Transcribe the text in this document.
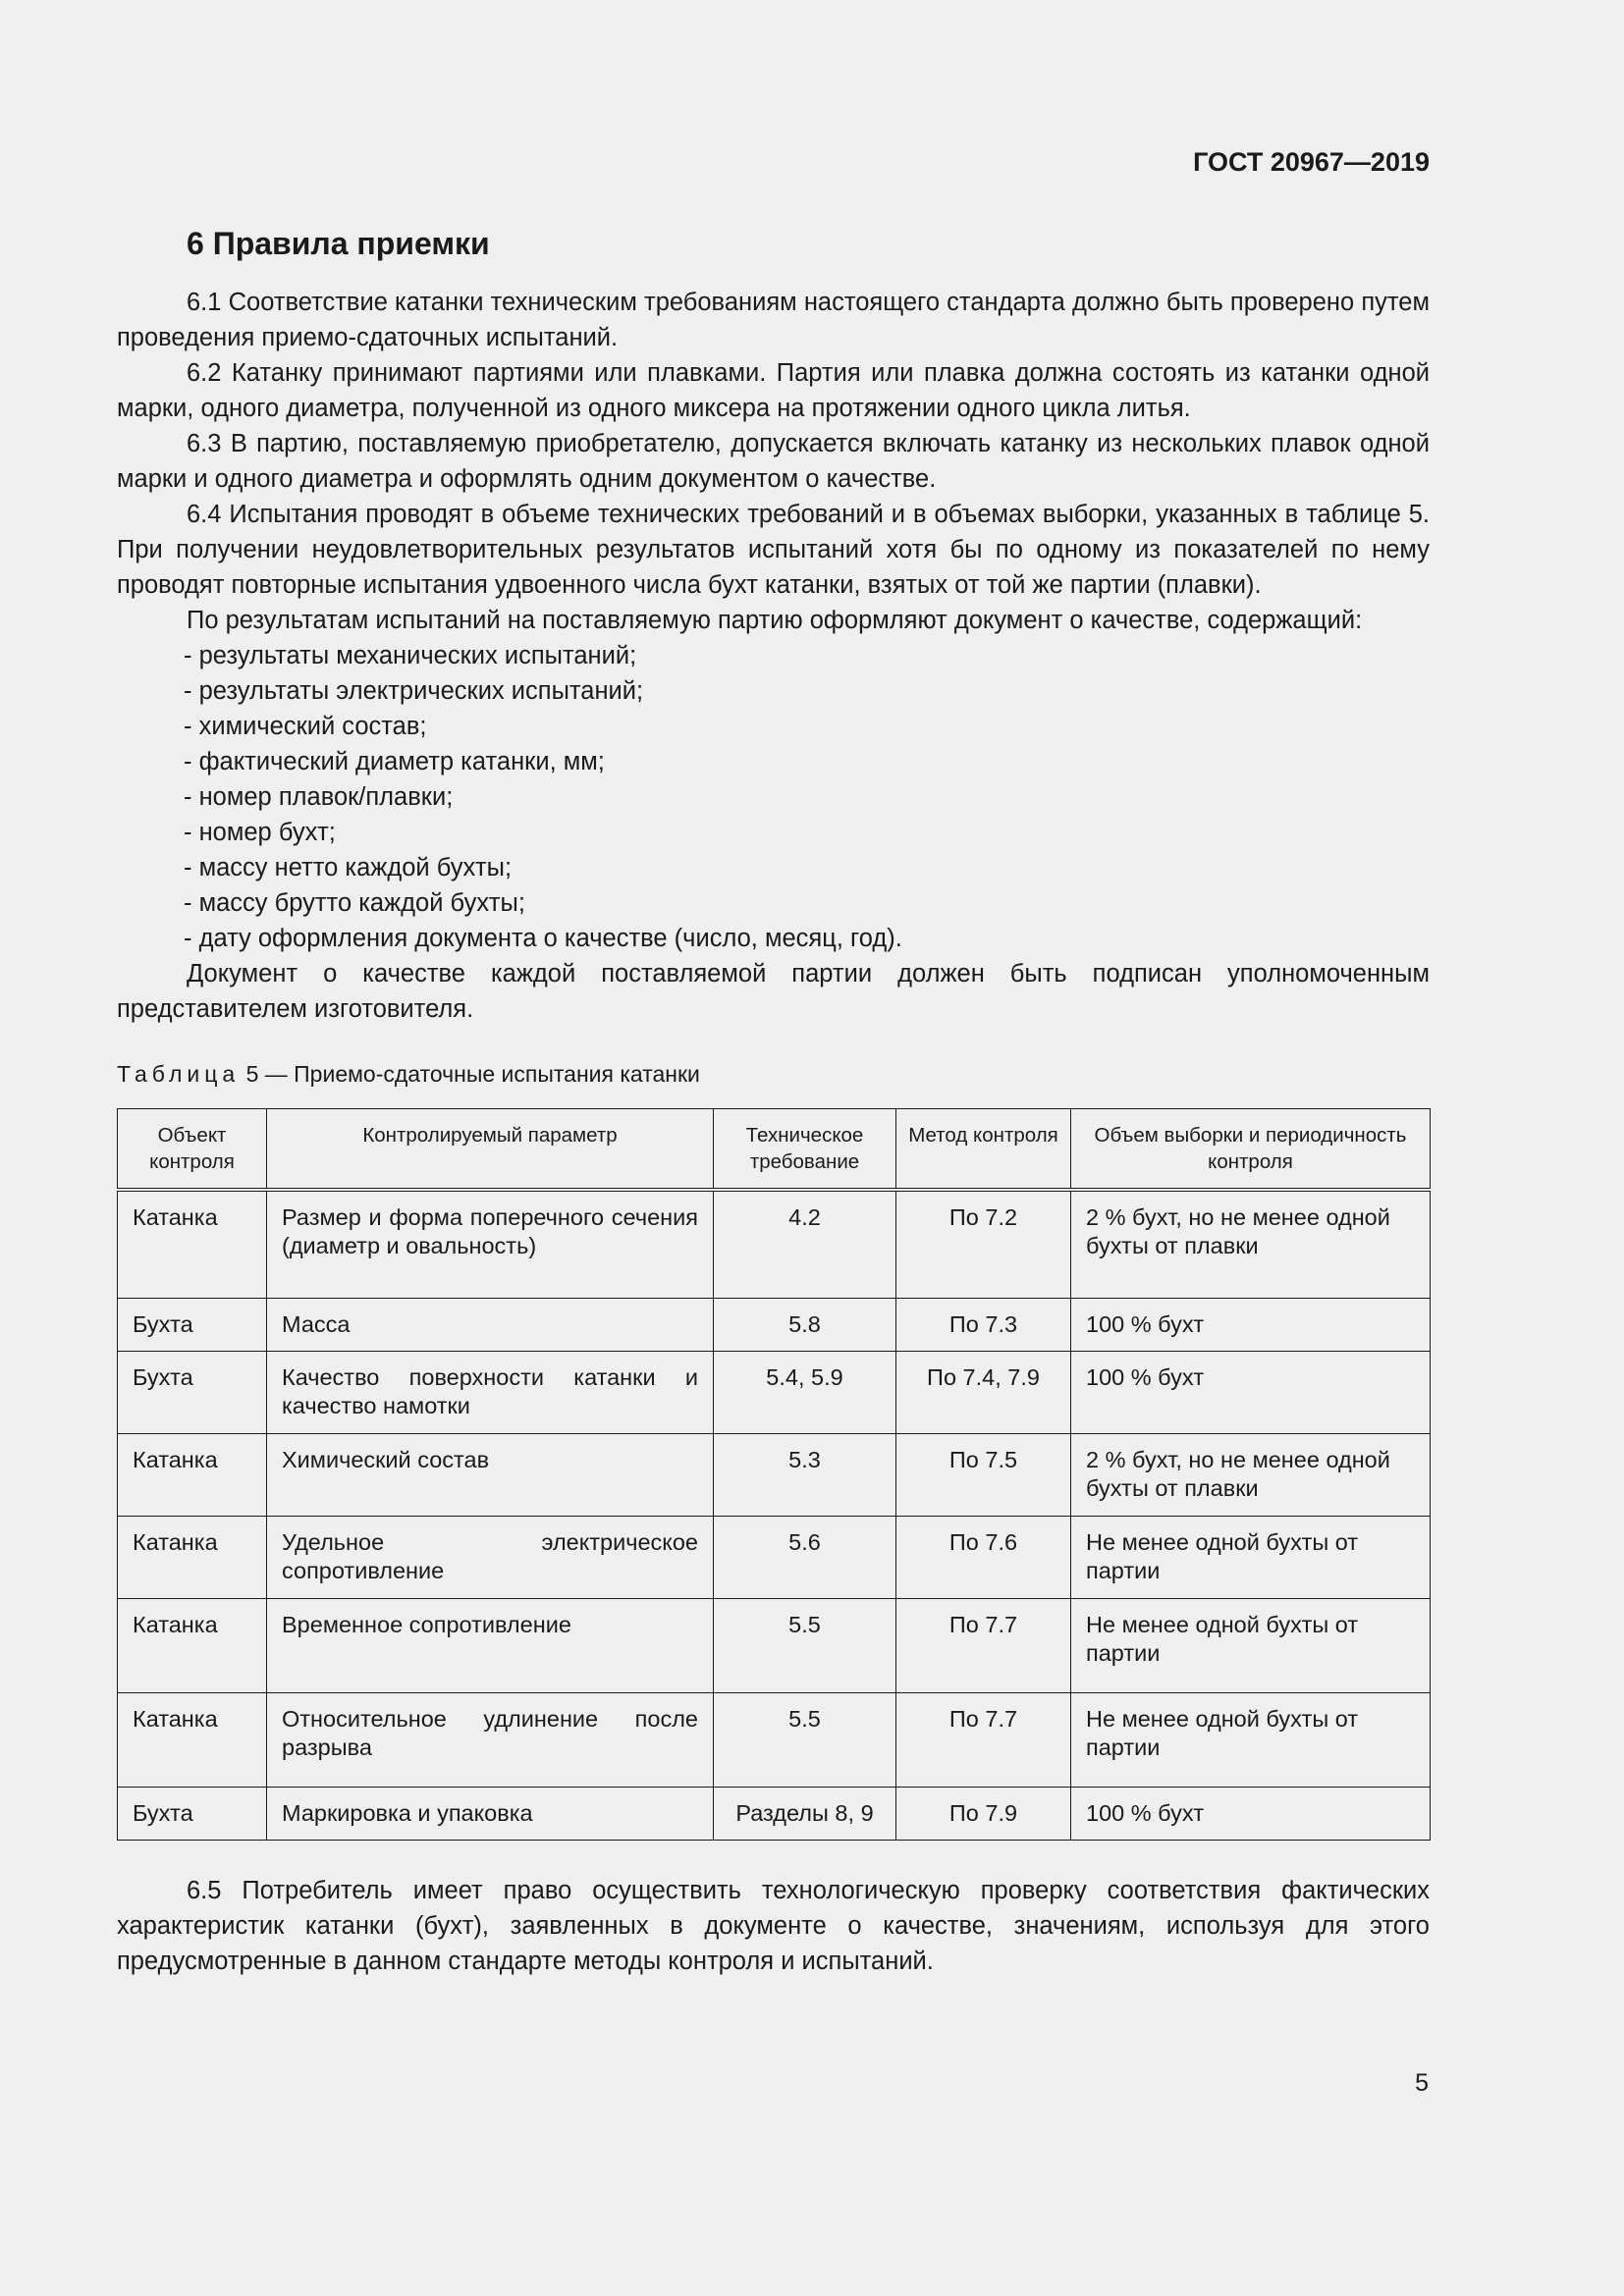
ГОСТ 20967—2019
6 Правила приемки

6.1 Соответствие катанки техническим требованиям настоящего стандарта должно быть проверено путем проведения приемо-сдаточных испытаний.

6.2 Катанку принимают партиями или плавками. Партия или плавка должна состоять из катанки одной марки, одного диаметра, полученной из одного миксера на протяжении одного цикла литья.

6.3 В партию, поставляемую приобретателю, допускается включать катанку из нескольких плавок одной марки и одного диаметра и оформлять одним документом о качестве.

6.4 Испытания проводят в объеме технических требований и в объемах выборки, указанных в таблице 5. При получении неудовлетворительных результатов испытаний хотя бы по одному из показателей по нему проводят повторные испытания удвоенного числа бухт катанки, взятых от той же партии (плавки).

По результатам испытаний на поставляемую партию оформляют документ о качестве, содержащий:

- результаты механических испытаний;
- результаты электрических испытаний;
- химический состав;
- фактический диаметр катанки, мм;
- номер плавок/плавки;
- номер бухт;
- массу нетто каждой бухты;
- массу брутто каждой бухты;
- дату оформления документа о качестве (число, месяц, год).

Документ о качестве каждой поставляемой партии должен быть подписан уполномоченным представителем изготовителя.

Таблица 5 — Приемо-сдаточные испытания катанки
Объект контроля	Контролируемый параметр	Техническое требование	Метод контроля	Объем выборки и периодичность контроля
Катанка	Размер и форма поперечного сечения (диаметр и овальность)	4.2	По 7.2	2 % бухт, но не менее одной бухты от плавки
Бухта	Масса	5.8	По 7.3	100 % бухт
Бухта	Качество поверхности катанки и качество намотки	5.4, 5.9	По 7.4, 7.9	100 % бухт
Катанка	Химический состав	5.3	По 7.5	2 % бухт, но не менее одной бухты от плавки
Катанка	Удельное электрическое сопротивление	5.6	По 7.6	Не менее одной бухты от партии
Катанка	Временное сопротивление	5.5	По 7.7	Не менее одной бухты от партии
Катанка	Относительное удлинение после разрыва	5.5	По 7.7	Не менее одной бухты от партии
Бухта	Маркировка и упаковка	Разделы 8, 9	По 7.9	100 % бухт

6.5 Потребитель имеет право осуществить технологическую проверку соответствия фактических характеристик катанки (бухт), заявленных в документе о качестве, значениям, используя для этого предусмотренные в данном стандарте методы контроля и испытаний.

5
